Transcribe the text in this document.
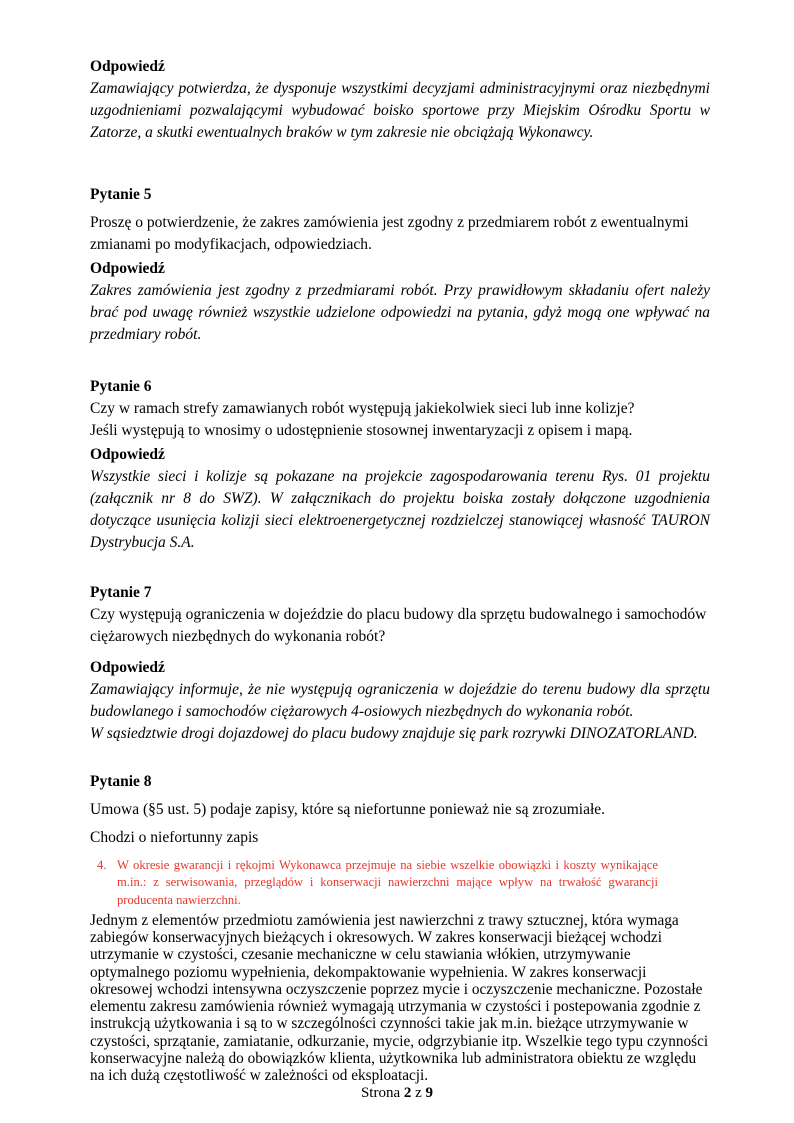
Odpowiedź
Zamawiający potwierdza, że dysponuje wszystkimi decyzjami administracyjnymi oraz niezbędnymi uzgodnieniami pozwalającymi wybudować boisko sportowe przy Miejskim Ośrodku Sportu w Zatorze, a skutki ewentualnych braków w tym zakresie nie obciążają Wykonawcy.
Pytanie 5
Proszę o potwierdzenie, że zakres zamówienia jest zgodny z przedmiarem robót z ewentualnymi zmianami po modyfikacjach, odpowiedziach.
Odpowiedź
Zakres zamówienia jest zgodny z przedmiarami robót. Przy prawidłowym składaniu ofert należy brać pod uwagę również wszystkie udzielone odpowiedzi na pytania, gdyż mogą one wpływać na przedmiary robót.
Pytanie 6
Czy w ramach strefy zamawianych robót występują jakiekolwiek sieci lub inne kolizje?
Jeśli występują to wnosimy o udostępnienie stosownej inwentaryzacji z opisem i mapą.
Odpowiedź
Wszystkie sieci i kolizje są pokazane na projekcie zagospodarowania terenu Rys. 01 projektu (załącznik nr 8 do SWZ). W załącznikach do projektu boiska zostały dołączone uzgodnienia dotyczące usunięcia kolizji sieci elektroenergetycznej rozdzielczej stanowiącej własność TAURON Dystrybucja S.A.
Pytanie 7
Czy występują ograniczenia w dojeździe do placu budowy dla sprzętu budowalnego i samochodów ciężarowych niezbędnych do wykonania robót?
Odpowiedź
Zamawiający informuje, że nie występują ograniczenia w dojeździe do terenu budowy dla sprzętu budowlanego i samochodów ciężarowych 4-osiowych niezbędnych do wykonania robót.
W sąsiedztwie drogi dojazdowej do placu budowy znajduje się park rozrywki DINOZATORLAND.
Pytanie 8
Umowa (§5 ust. 5) podaje zapisy, które są niefortunne ponieważ nie są zrozumiałe.
Chodzi o niefortunny zapis
4. W okresie gwarancji i rękojmi Wykonawca przejmuje na siebie wszelkie obowiązki i koszty wynikające m.in.: z serwisowania, przeglądów i konserwacji nawierzchni mające wpływ na trwałość gwarancji producenta nawierzchni.
Jednym z elementów przedmiotu zamówienia jest nawierzchni z trawy sztucznej, która wymaga zabiegów konserwacyjnych bieżących i okresowych. W zakres konserwacji bieżącej wchodzi utrzymanie w czystości, czesanie mechaniczne w celu stawiania włókien, utrzymywanie optymalnego poziomu wypełnienia, dekompaktowanie wypełnienia. W zakres konserwacji okresowej wchodzi intensywna oczyszczenie poprzez mycie i oczyszczenie mechaniczne. Pozostałe elementu zakresu zamówienia również wymagają utrzymania w czystości i postepowania zgodnie z instrukcją użytkowania i są to w szczególności czynności takie jak m.in. bieżące utrzymywanie w czystości, sprzątanie, zamiatanie, odkurzanie, mycie, odgrzybianie itp. Wszelkie tego typu czynności konserwacyjne należą do obowiązków klienta, użytkownika lub administratora obiektu ze względu na ich dużą częstotliwość w zależności od eksploatacji.
Strona 2 z 9
